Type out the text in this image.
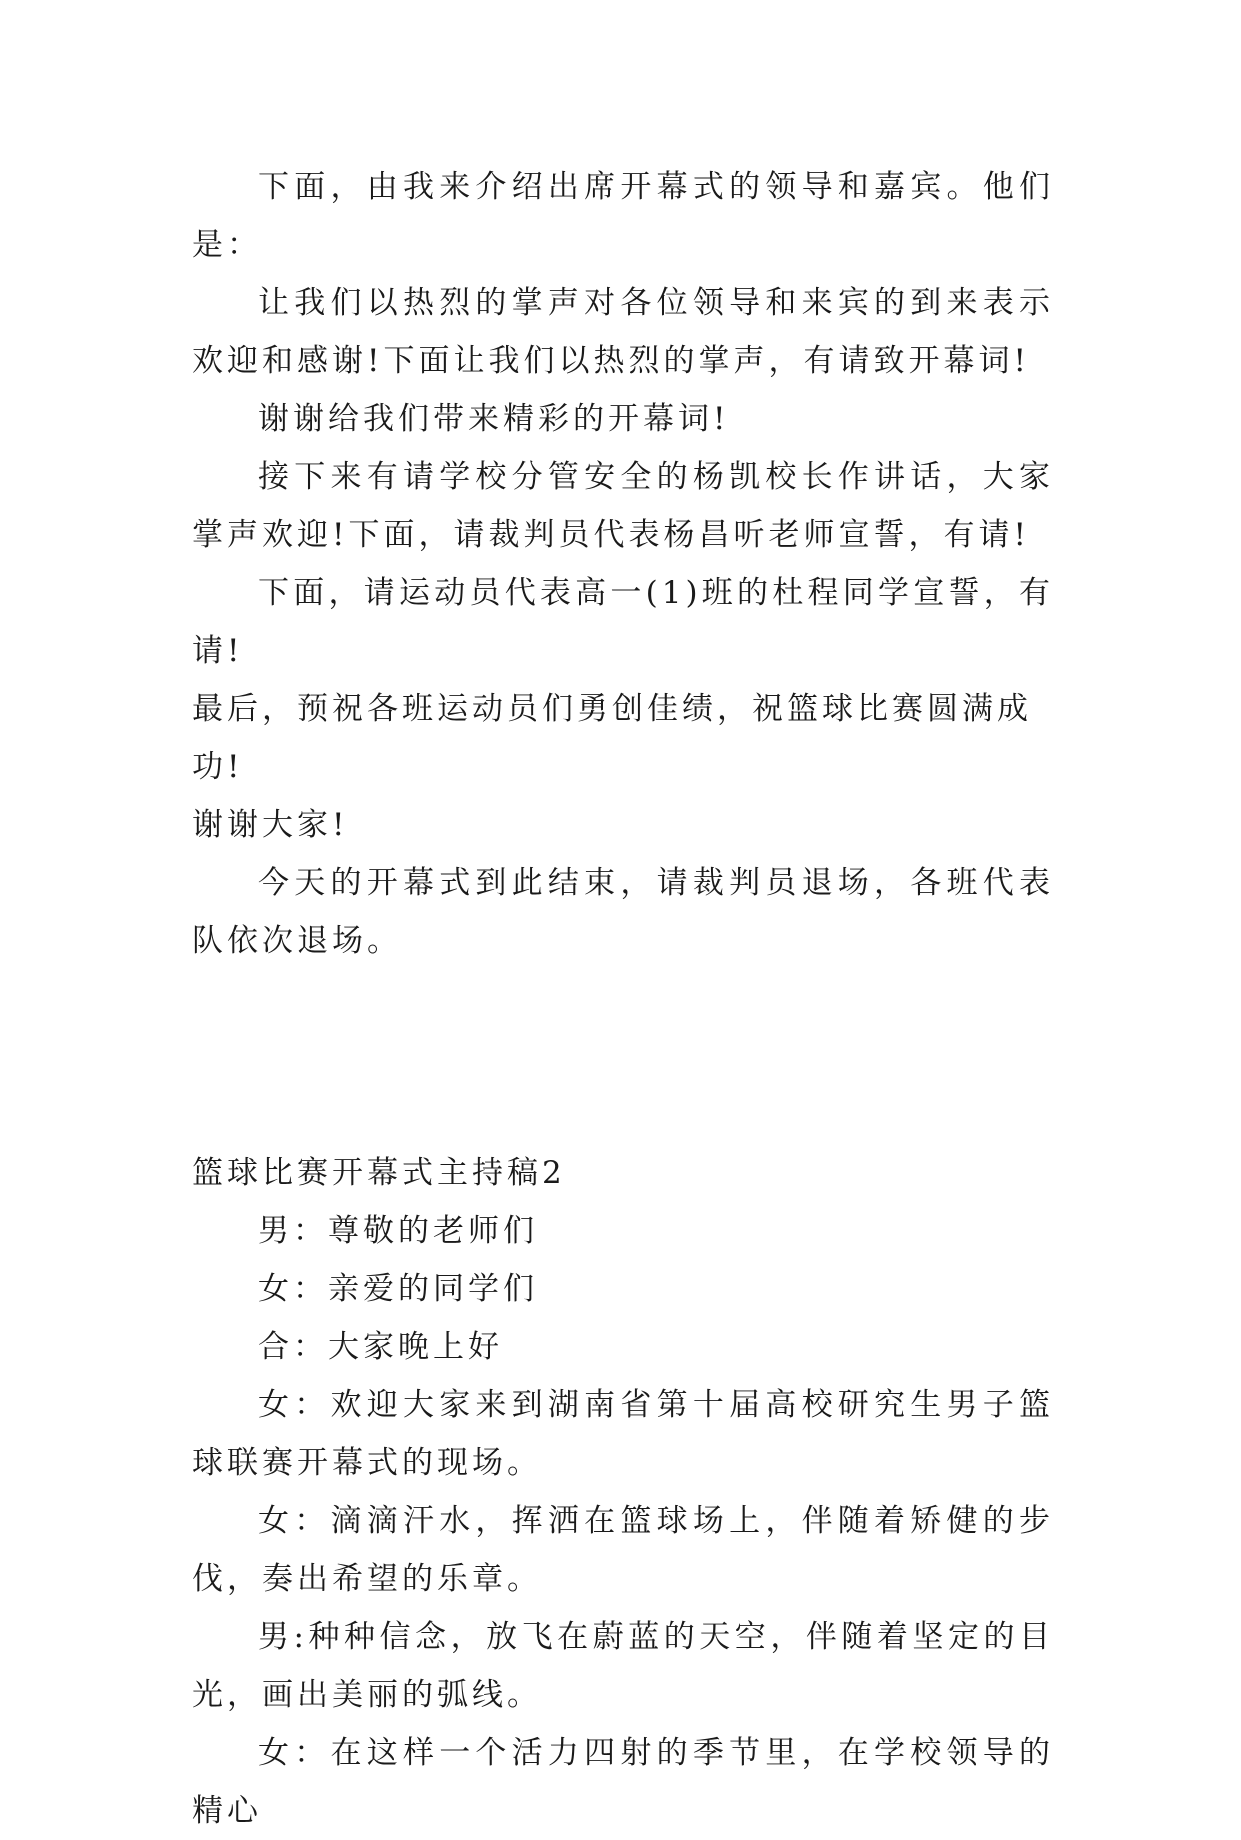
下面，由我来介绍出席开幕式的领导和嘉宾。他们是：

让我们以热烈的掌声对各位领导和来宾的到来表示欢迎和感谢!下面让我们以热烈的掌声，有请致开幕词!

谢谢给我们带来精彩的开幕词!

接下来有请学校分管安全的杨凯校长作讲话，大家掌声欢迎!下面，请裁判员代表杨昌听老师宣誓，有请!

下面，请运动员代表高一(1)班的杜程同学宣誓，有请!

最后，预祝各班运动员们勇创佳绩，祝篮球比赛圆满成功!

谢谢大家!

今天的开幕式到此结束，请裁判员退场，各班代表队依次退场。

篮球比赛开幕式主持稿2

男：尊敬的老师们

女：亲爱的同学们

合：大家晚上好

女：欢迎大家来到湖南省第十届高校研究生男子篮球联赛开幕式的现场。

女：滴滴汗水，挥洒在篮球场上，伴随着矫健的步伐，奏出希望的乐章。

男:种种信念，放飞在蔚蓝的天空，伴随着坚定的目光，画出美丽的弧线。

女：在这样一个活力四射的季节里，在学校领导的精心
